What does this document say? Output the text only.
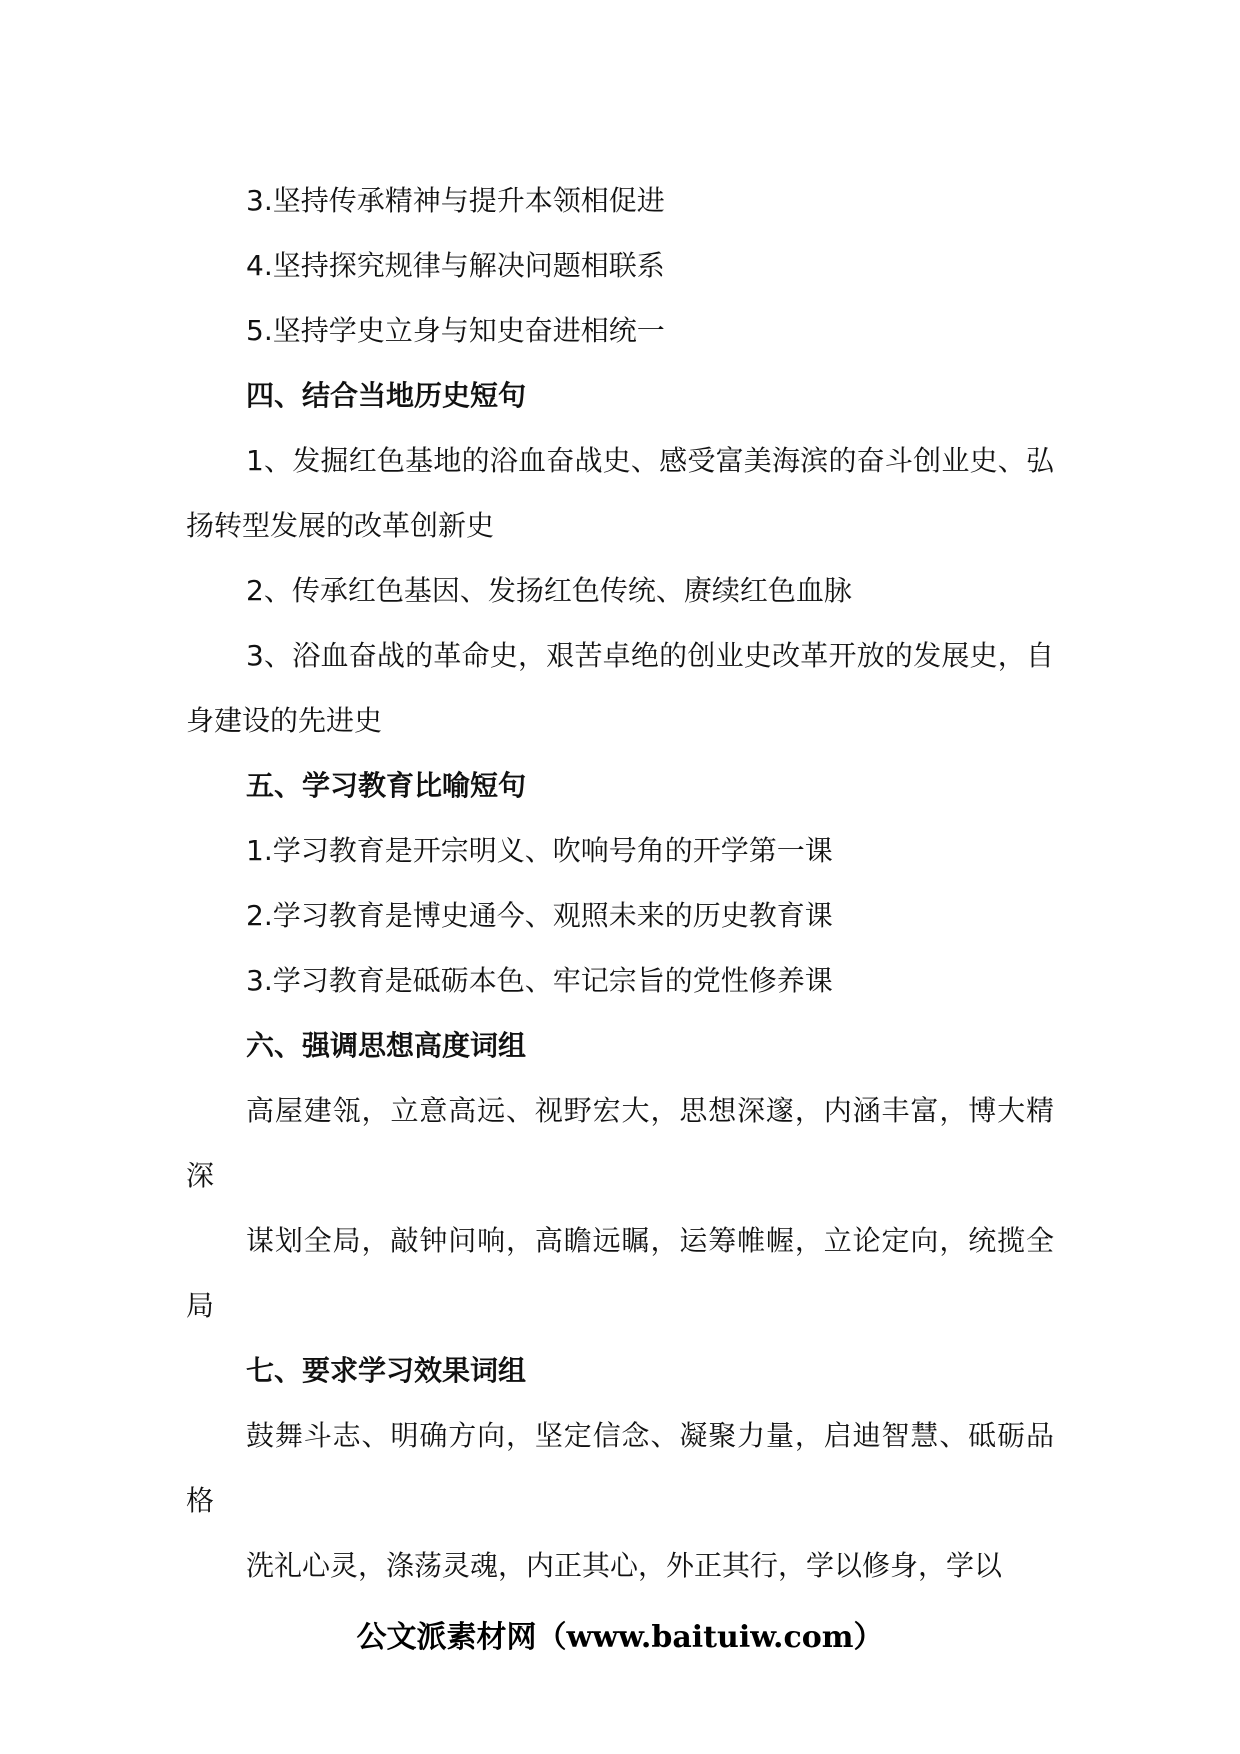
3.坚持传承精神与提升本领相促进

4.坚持探究规律与解决问题相联系

5.坚持学史立身与知史奋进相统一

四、结合当地历史短句

1、发掘红色基地的浴血奋战史、感受富美海滨的奋斗创业史、弘扬转型发展的改革创新史

2、传承红色基因、发扬红色传统、赓续红色血脉

3、浴血奋战的革命史，艰苦卓绝的创业史改革开放的发展史，自身建设的先进史

五、学习教育比喻短句

1.学习教育是开宗明义、吹响号角的开学第一课

2.学习教育是博史通今、观照未来的历史教育课

3.学习教育是砥砺本色、牢记宗旨的党性修养课

六、强调思想高度词组

高屋建瓴，立意高远、视野宏大，思想深邃，内涵丰富，博大精深

谋划全局，敲钟问响，高瞻远瞩，运筹帷幄，立论定向，统揽全局

七、要求学习效果词组

鼓舞斗志、明确方向，坚定信念、凝聚力量，启迪智慧、砥砺品格

洗礼心灵，涤荡灵魂，内正其心，外正其行，学以修身，学以

公文派素材网（www.baituiw.com）
